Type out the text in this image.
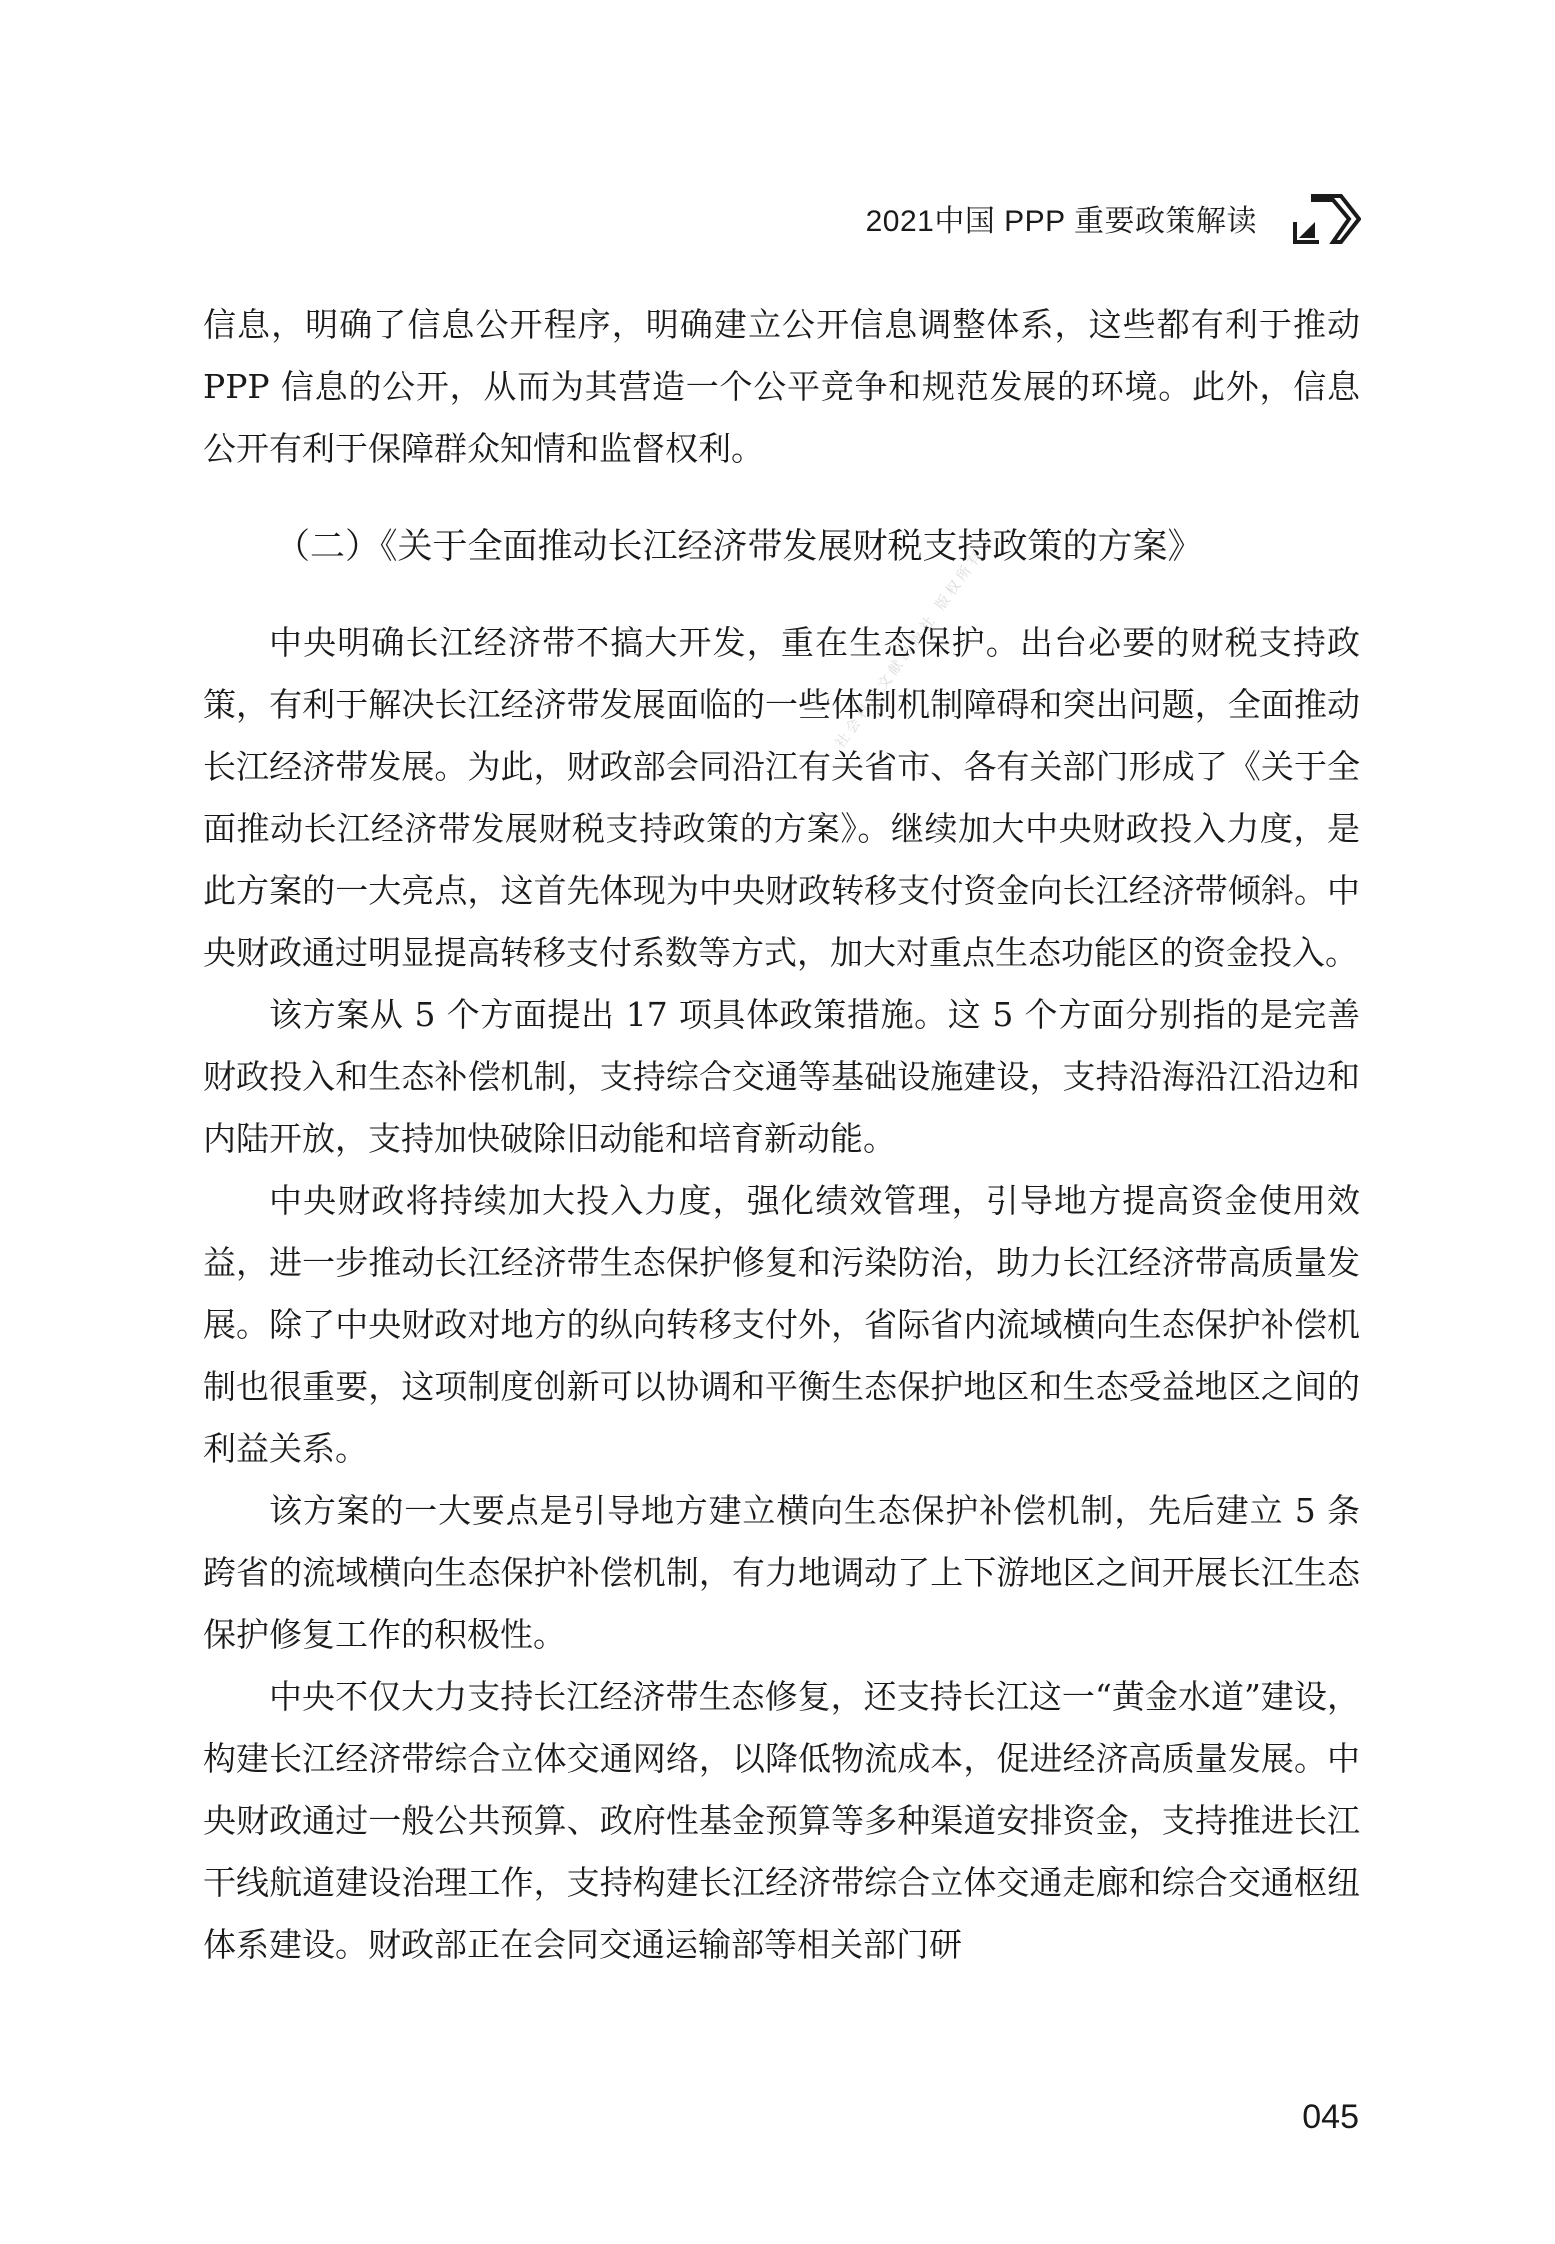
2021中国 PPP 重要政策解读
社会科学文献出版社 版权所有

信息，明确了信息公开程序，明确建立公开信息调整体系，这些都有利于推动 PPP 信息的公开，从而为其营造一个公平竞争和规范发展的环境。此外，信息公开有利于保障群众知情和监督权利。

（二）《关于全面推动长江经济带发展财税支持政策的方案》

中央明确长江经济带不搞大开发，重在生态保护。出台必要的财税支持政策，有利于解决长江经济带发展面临的一些体制机制障碍和突出问题，全面推动长江经济带发展。为此，财政部会同沿江有关省市、各有关部门形成了《关于全面推动长江经济带发展财税支持政策的方案》。继续加大中央财政投入力度，是此方案的一大亮点，这首先体现为中央财政转移支付资金向长江经济带倾斜。中央财政通过明显提高转移支付系数等方式，加大对重点生态功能区的资金投入。

该方案从 5 个方面提出 17 项具体政策措施。这 5 个方面分别指的是完善财政投入和生态补偿机制，支持综合交通等基础设施建设，支持沿海沿江沿边和内陆开放，支持加快破除旧动能和培育新动能。

中央财政将持续加大投入力度，强化绩效管理，引导地方提高资金使用效益，进一步推动长江经济带生态保护修复和污染防治，助力长江经济带高质量发展。除了中央财政对地方的纵向转移支付外，省际省内流域横向生态保护补偿机制也很重要，这项制度创新可以协调和平衡生态保护地区和生态受益地区之间的利益关系。

该方案的一大要点是引导地方建立横向生态保护补偿机制，先后建立 5 条跨省的流域横向生态保护补偿机制，有力地调动了上下游地区之间开展长江生态保护修复工作的积极性。

中央不仅大力支持长江经济带生态修复，还支持长江这一“黄金水道”建设，构建长江经济带综合立体交通网络，以降低物流成本，促进经济高质量发展。中央财政通过一般公共预算、政府性基金预算等多种渠道安排资金，支持推进长江干线航道建设治理工作，支持构建长江经济带综合立体交通走廊和综合交通枢纽体系建设。财政部正在会同交通运输部等相关部门研

045
